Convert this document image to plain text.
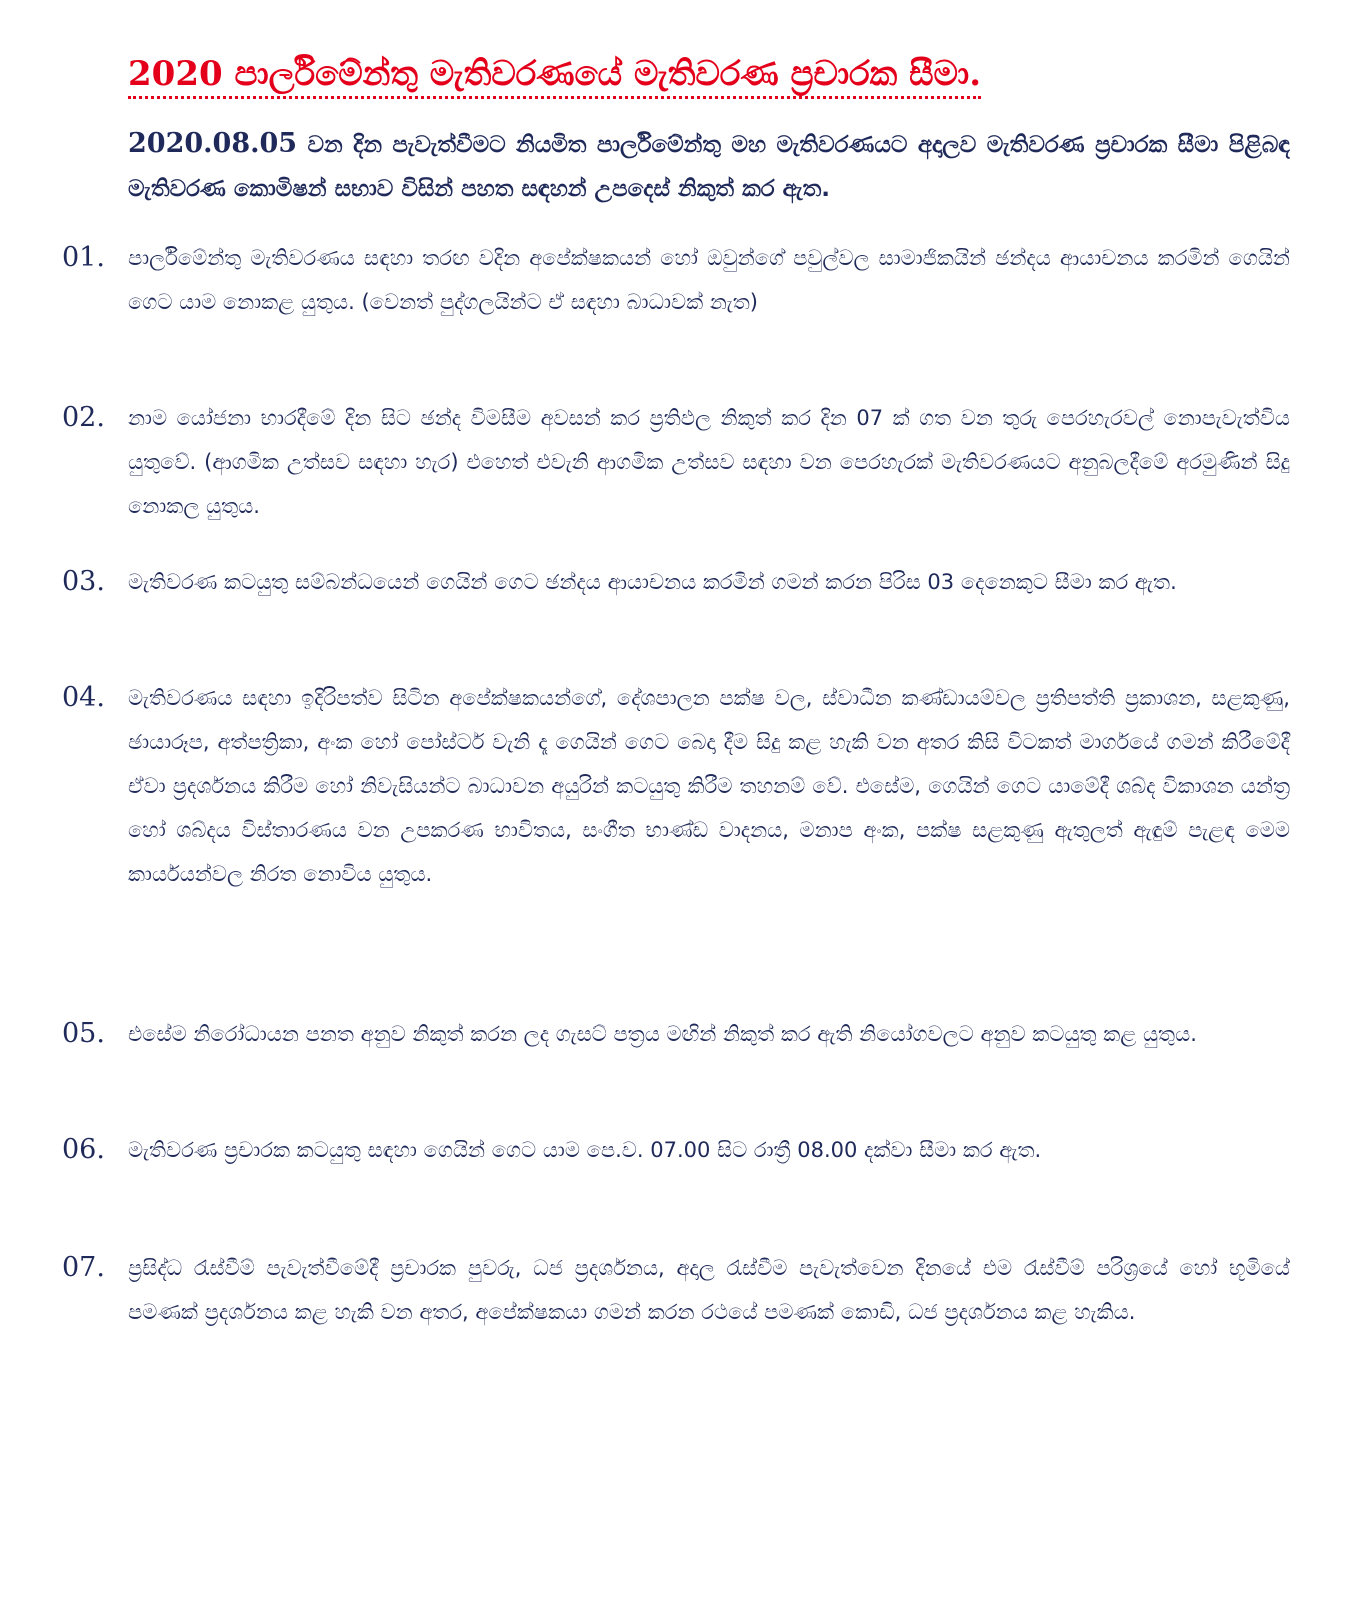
2020 පාර්ලිමේන්තු මැතිවරණයේ මැතිවරණ ප්‍රචාරක සීමා.

2020.08.05 වන දින පැවැත්වීමට නියමිත පාර්ලිමේන්තු මහ මැතිවරණයට අදාලව මැතිවරණ ප්‍රචාරක සීමා පිළිබඳ මැතිවරණ කොමිෂන් සභාව විසින් පහත සඳහන් උපදෙස් නිකුත් කර ඇත.

01. පාර්ලිමේන්තු මැතිවරණය සඳහා තරඟ වදින අපේක්ෂකයන් හෝ ඔවුන්ගේ පවුල්වල සාමාජිකයින් ඡන්දය ආයාචනය කරමින් ගෙයින් ගෙට යාම නොකළ යුතුය. (වෙනත් පුද්ගලයින්ට ඒ සඳහා බාධාවක් නැත)

02. නාම යෝජනා භාරදීමේ දින සිට ඡන්ද විමසීම අවසන් කර ප්‍රතිඵල නිකුත් කර දින 07 ක් ගත වන තුරු පෙරහැරවල් නොපැවැත්විය යුතුවේ. (ආගමික උත්සව සඳහා හැර) එහෙත් එවැනි ආගමික උත්සව සඳහා වන පෙරහැරක් මැතිවරණයට අනුබලදීමේ අරමුණින් සිදු නොකල යුතුය.

03. මැතිවරණ කටයුතු සම්බන්ධයෙන් ගෙයින් ගෙට ඡන්දය ආයාචනය කරමින් ගමන් කරන පිරිස 03 දෙනෙකුට සීමා කර ඇත.

04. මැතිවරණය සඳහා ඉදිරිපත්ව සිටින අපේක්ෂකයන්ගේ, දේශපාලන පක්ෂ වල, ස්වාධීන කණ්ඩායම්වල ප්‍රතිපත්ති ප්‍රකාශන, සළකුණු, ඡායාරූප, අත්පත්‍රිකා, අංක හෝ පෝස්ටර් වැනි දෑ ගෙයින් ගෙට බෙදා දීම සිදු කළ හැකි වන අතර කිසි විටකත් මාර්ගයේ ගමන් කිරීමේදී ඒවා ප්‍රදර්ශනය කිරීම හෝ නිවැසියන්ට බාධාවන අයුරින් කටයුතු කිරීම තහනම් වේ. එසේම, ගෙයින් ගෙට යාමේදී ශබ්ද විකාශන යන්ත්‍ර හෝ ශබ්දය විස්තාරණය වන උපකරණ භාවිතය, සංගීත භාණ්ඩ වාදනය, මනාප අංක, පක්ෂ සළකුණු ඇතුලත් ඇඳුම් පැළඳ මෙම කාර්යයන්වල නිරත නොවිය යුතුය.

05. එසේම නිරෝධායන පනත අනුව නිකුත් කරන ලද ගැසට් පත්‍රය මඟින් නිකුත් කර ඇති නියෝගවලට අනුව කටයුතු කළ යුතුය.

06. මැතිවරණ ප්‍රචාරක කටයුතු සඳහා ගෙයින් ගෙට යාම පෙ.ව. 07.00 සිට රාත්‍රී 08.00 දක්වා සීමා කර ඇත.

07. ප්‍රසිද්ධ රැස්වීම් පැවැත්වීමේදී ප්‍රචාරක පුවරු, ධජ ප්‍රදර්ශනය, අදාල රැස්වීම පැවැත්වෙන දිනයේ එම රැස්වීම් පරිශ්‍රයේ හෝ භූමියේ පමණක් ප්‍රදර්ශනය කළ හැකි වන අතර, අපේක්ෂකයා ගමන් කරන රථයේ පමණක් කොඩි, ධජ ප්‍රදර්ශනය කළ හැකිය.
